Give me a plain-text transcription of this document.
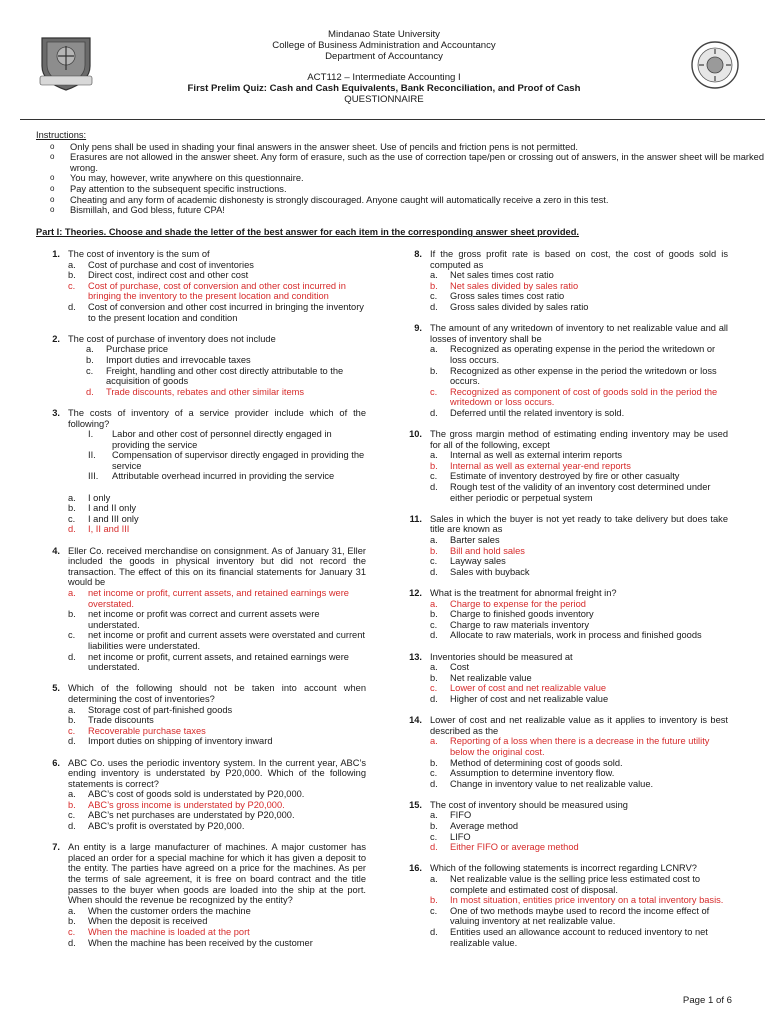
Mindanao State University
College of Business Administration and Accountancy
Department of Accountancy
ACT112 – Intermediate Accounting I
First Prelim Quiz: Cash and Cash Equivalents, Bank Reconciliation, and Proof of Cash
QUESTIONNAIRE
Instructions:
o Only pens shall be used in shading your final answers in the answer sheet. Use of pencils and friction pens is not permitted.
o Erasures are not allowed in the answer sheet. Any form of erasure, such as the use of correction tape/pen or crossing out of answers, in the answer sheet will be marked wrong.
o You may, however, write anywhere on this questionnaire.
o Pay attention to the subsequent specific instructions.
o Cheating and any form of academic dishonesty is strongly discouraged. Anyone caught will automatically receive a zero in this test.
o Bismillah, and God bless, future CPA!
Part I: Theories. Choose and shade the letter of the best answer for each item in the corresponding answer sheet provided.
1. The cost of inventory is the sum of
a. Cost of purchase and cost of inventories
b. Direct cost, indirect cost and other cost
c. Cost of purchase, cost of conversion and other cost incurred in bringing the inventory to the present location and condition
d. Cost of conversion and other cost incurred in bringing the inventory to the present location and condition
2. The cost of purchase of inventory does not include
a. Purchase price
b. Import duties and irrevocable taxes
c. Freight, handling and other cost directly attributable to the acquisition of goods
d. Trade discounts, rebates and other similar items
3. The costs of inventory of a service provider include which of the following?
I. Labor and other cost of personnel directly engaged in providing the service
II. Compensation of supervisor directly engaged in providing the service
III. Attributable overhead incurred in providing the service
a. I only
b. I and II only
c. I and III only
d. I, II and III
4. Eller Co. received merchandise on consignment. As of January 31, Eller included the goods in physical inventory but did not record the transaction. The effect of this on its financial statements for January 31 would be
a. net income or profit, current assets, and retained earnings were overstated.
b. net income or profit was correct and current assets were understated.
c. net income or profit and current assets were overstated and current liabilities were understated.
d. net income or profit, current assets, and retained earnings were understated.
5. Which of the following should not be taken into account when determining the cost of inventories?
a. Storage cost of part-finished goods
b. Trade discounts
c. Recoverable purchase taxes
d. Import duties on shipping of inventory inward
6. ABC Co. uses the periodic inventory system. In the current year, ABC’s ending inventory is understated by P20,000. Which of the following statements is correct?
a. ABC’s cost of goods sold is understated by P20,000.
b. ABC’s gross income is understated by P20,000.
c. ABC’s net purchases are understated by P20,000.
d. ABC’s profit is overstated by P20,000.
7. An entity is a large manufacturer of machines. A major customer has placed an order for a special machine for which it has given a deposit to the entity. The parties have agreed on a price for the machines. As per the terms of sale agreement, it is free on board contract and the title passes to the buyer when goods are loaded into the ship at the port. When should the revenue be recognized by the entity?
a. When the customer orders the machine
b. When the deposit is received
c. When the machine is loaded at the port
d. When the machine has been received by the customer
8. If the gross profit rate is based on cost, the cost of goods sold is computed as
a. Net sales times cost ratio
b. Net sales divided by sales ratio
c. Gross sales times cost ratio
d. Gross sales divided by sales ratio
9. The amount of any writedown of inventory to net realizable value and all losses of inventory shall be
a. Recognized as operating expense in the period the writedown or loss occurs.
b. Recognized as other expense in the period the writedown or loss occurs.
c. Recognized as component of cost of goods sold in the period the writedown or loss occurs.
d. Deferred until the related inventory is sold.
10. The gross margin method of estimating ending inventory may be used for all of the following, except
a. Internal as well as external interim reports
b. Internal as well as external year-end reports
c. Estimate of inventory destroyed by fire or other casualty
d. Rough test of the validity of an inventory cost determined under either periodic or perpetual system
11. Sales in which the buyer is not yet ready to take delivery but does take title are known as
a. Barter sales
b. Bill and hold sales
c. Layway sales
d. Sales with buyback
12. What is the treatment for abnormal freight in?
a. Charge to expense for the period
b. Charge to finished goods inventory
c. Charge to raw materials inventory
d. Allocate to raw materials, work in process and finished goods
13. Inventories should be measured at
a. Cost
b. Net realizable value
c. Lower of cost and net realizable value
d. Higher of cost and net realizable value
14. Lower of cost and net realizable value as it applies to inventory is best described as the
a. Reporting of a loss when there is a decrease in the future utility below the original cost.
b. Method of determining cost of goods sold.
c. Assumption to determine inventory flow.
d. Change in inventory value to net realizable value.
15. The cost of inventory should be measured using
a. FIFO
b. Average method
c. LIFO
d. Either FIFO or average method
16. Which of the following statements is incorrect regarding LCNRV?
a. Net realizable value is the selling price less estimated cost to complete and estimated cost of disposal.
b. In most situation, entities price inventory on a total inventory basis.
c. One of two methods maybe used to record the income effect of valuing inventory at net realizable value.
d. Entities used an allowance account to reduced inventory to net realizable value.
Page 1 of 6
